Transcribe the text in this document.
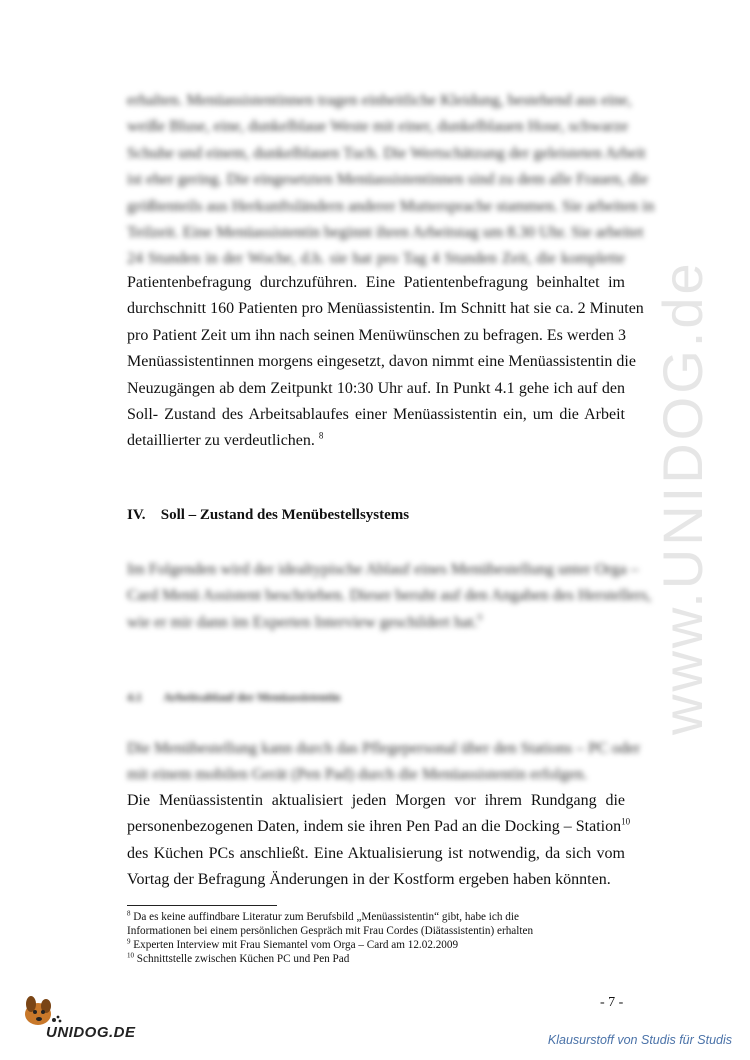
www.UNIDOG.de
erhalten. Menüassistentinnen tragen einheitliche Kleidung, bestehend aus eine,
weiße Bluse, eine, dunkelblaue Weste mit einer, dunkelblauen Hose, schwarze
Schuhe und einem, dunkelblauen Tuch. Die Wertschätzung der geleisteten Arbeit
ist eher gering. Die eingesetzten Menüassistentinnen sind zu dem alle Frauen, die
größtenteils aus Herkunftsländern anderer Muttersprache stammen. Sie arbeiten in
Teilzeit. Eine Menüassistentin beginnt ihren Arbeitstag um 8.30 Uhr. Sie arbeitet
24 Stunden in der Woche, d.h. sie hat pro Tag 4 Stunden Zeit, die komplette
Patientenbefragung durchzuführen. Eine Patientenbefragung beinhaltet im
durchschnitt 160 Patienten pro Menüassistentin. Im Schnitt hat sie ca. 2 Minuten
pro Patient Zeit um ihn nach seinen Menüwünschen zu befragen. Es werden 3
Menüassistentinnen morgens eingesetzt, davon nimmt eine Menüassistentin die
Neuzugängen ab dem Zeitpunkt 10:30 Uhr auf. In Punkt 4.1 gehe ich auf den
Soll- Zustand des Arbeitsablaufes einer Menüassistentin ein, um die Arbeit
detaillierter zu verdeutlichen. $^8$
IV. Soll – Zustand des Menübestellsystems
Im Folgenden wird der idealtypische Ablauf eines Menübestellung unter Orga –
Card Menü Assistent beschrieben. Dieser beruht auf den Angaben des Herstellers,
wie er mir dann im Experten Interview geschildert hat.$^9$
4.1 Arbeitsablauf der Menüassistentin
Die Menübestellung kann durch das Pflegepersonal über den Stations – PC oder
mit einem mobilen Gerät (Pen Pad) durch die Menüassistentin erfolgen.
Die Menüassistentin aktualisiert jeden Morgen vor ihrem Rundgang die
personenbezogenen Daten, indem sie ihren Pen Pad an die Docking – Station$^{10}$
des Küchen PCs anschließt. Eine Aktualisierung ist notwendig, da sich vom
Vortag der Befragung Änderungen in der Kostform ergeben haben könnten.

$^8$ Da es keine auffindbare Literatur zum Berufsbild „Menüassistentin“ gibt, habe ich die

Informationen bei einem persönlichen Gespräch mit Frau Cordes (Diätassistentin) erhalten

$^9$ Experten Interview mit Frau Siemantel vom Orga – Card am 12.02.2009

$^{10}$ Schnittstelle zwischen Küchen PC und Pen Pad

- 7 -
UNIDOG.DE	Klausurstoff von Studis für Studis
